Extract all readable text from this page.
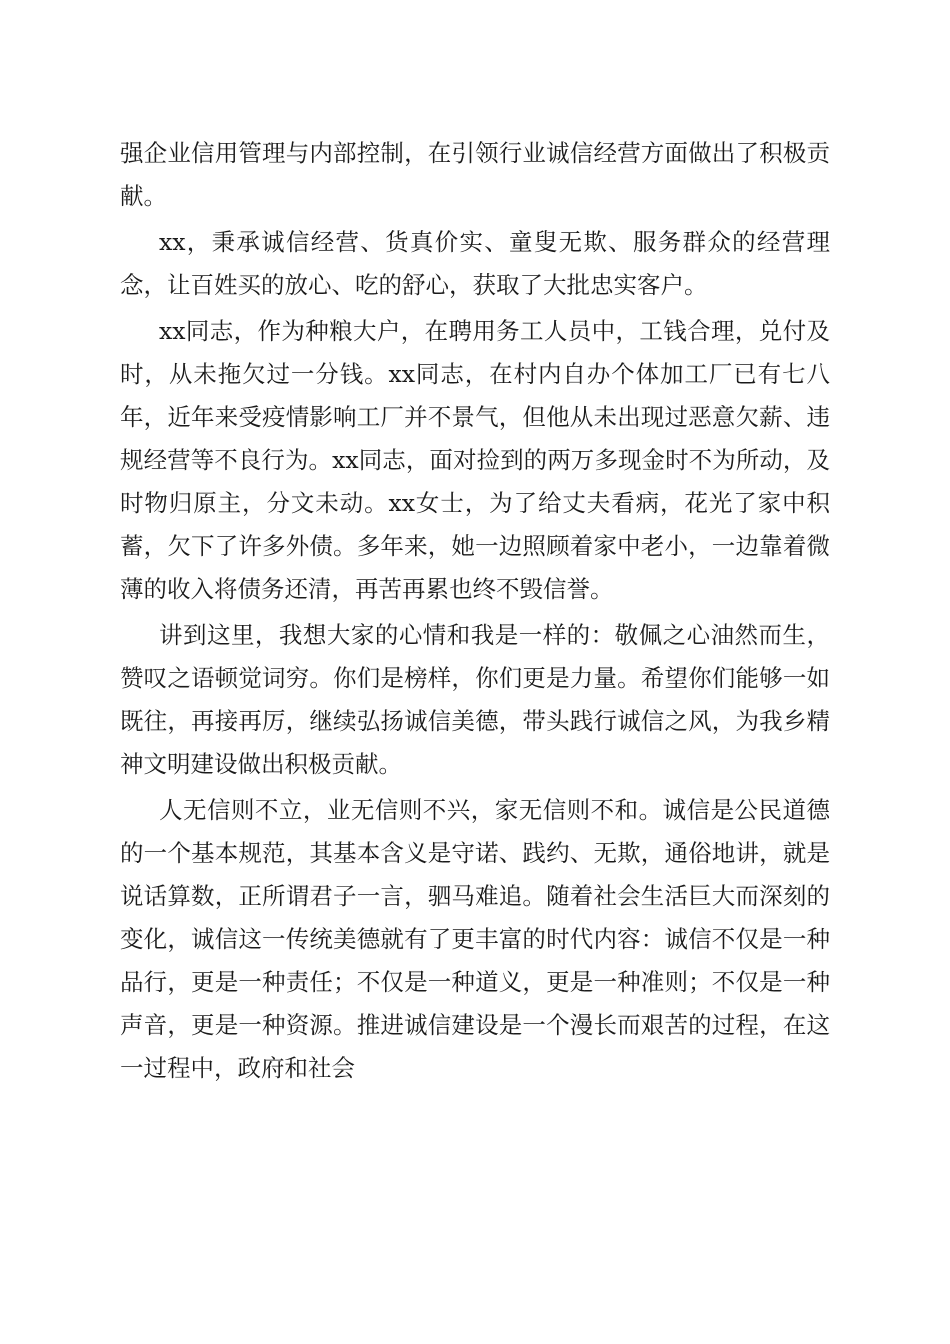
强企业信用管理与内部控制，在引领行业诚信经营方面做出了积极贡献。

xx，秉承诚信经营、货真价实、童叟无欺、服务群众的经营理念，让百姓买的放心、吃的舒心，获取了大批忠实客户。

xx同志，作为种粮大户，在聘用务工人员中，工钱合理，兑付及时，从未拖欠过一分钱。xx同志，在村内自办个体加工厂已有七八年，近年来受疫情影响工厂并不景气，但他从未出现过恶意欠薪、违规经营等不良行为。xx同志，面对捡到的两万多现金时不为所动，及时物归原主，分文未动。xx女士，为了给丈夫看病，花光了家中积蓄，欠下了许多外债。多年来，她一边照顾着家中老小，一边靠着微薄的收入将债务还清，再苦再累也终不毁信誉。

讲到这里，我想大家的心情和我是一样的：敬佩之心油然而生，赞叹之语顿觉词穷。你们是榜样，你们更是力量。希望你们能够一如既往，再接再厉，继续弘扬诚信美德，带头践行诚信之风，为我乡精神文明建设做出积极贡献。

人无信则不立，业无信则不兴，家无信则不和。诚信是公民道德的一个基本规范，其基本含义是守诺、践约、无欺，通俗地讲，就是说话算数，正所谓君子一言，驷马难追。随着社会生活巨大而深刻的变化，诚信这一传统美德就有了更丰富的时代内容：诚信不仅是一种品行，更是一种责任；不仅是一种道义，更是一种准则；不仅是一种声音，更是一种资源。推进诚信建设是一个漫长而艰苦的过程，在这一过程中，政府和社会
